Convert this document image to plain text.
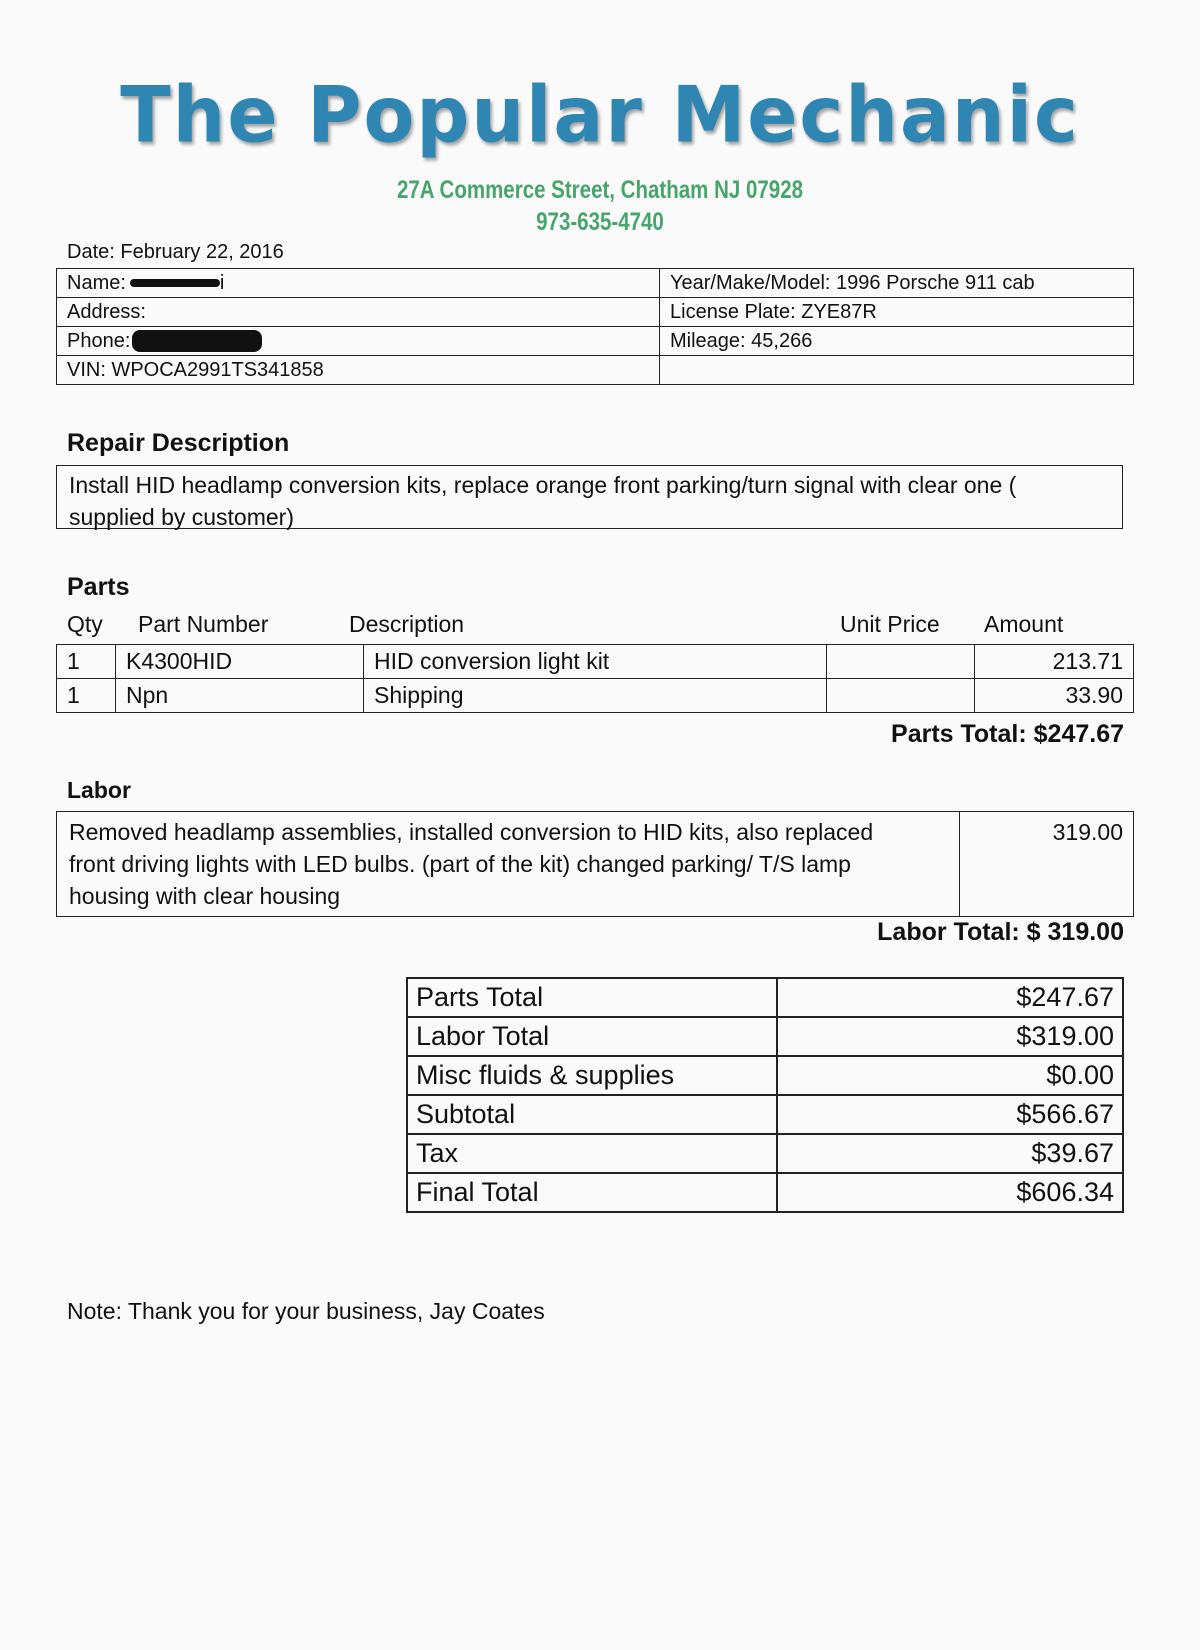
The Popular Mechanic
27A Commerce Street, Chatham NJ 07928
973-635-4740
Date: February 22, 2016
Name: i	Year/Make/Model: 1996 Porsche 911 cab
Address:	License Plate: ZYE87R
Phone:	Mileage: 45,266
VIN: WPOCA2991TS341858	
Repair Description
Install HID headlamp conversion kits, replace orange front parking/turn signal with clear one (
supplied by customer)
Parts
Qty Part Number	Description	Unit Price Amount
1	K4300HID	HID conversion light kit		213.71
1	Npn	Shipping		33.90
Parts Total: $247.67
Labor
Removed headlamp assemblies, installed conversion to HID kits, also replaced
front driving lights with LED bulbs. (part of the kit) changed parking/ T/S lamp
housing with clear housing
	319.00
Labor Total: $ 319.00
Parts Total	$247.67
Labor Total	$319.00
Misc fluids & supplies	$0.00
Subtotal	$566.67
Tax	$39.67
Final Total	$606.34
Note: Thank you for your business, Jay Coates
